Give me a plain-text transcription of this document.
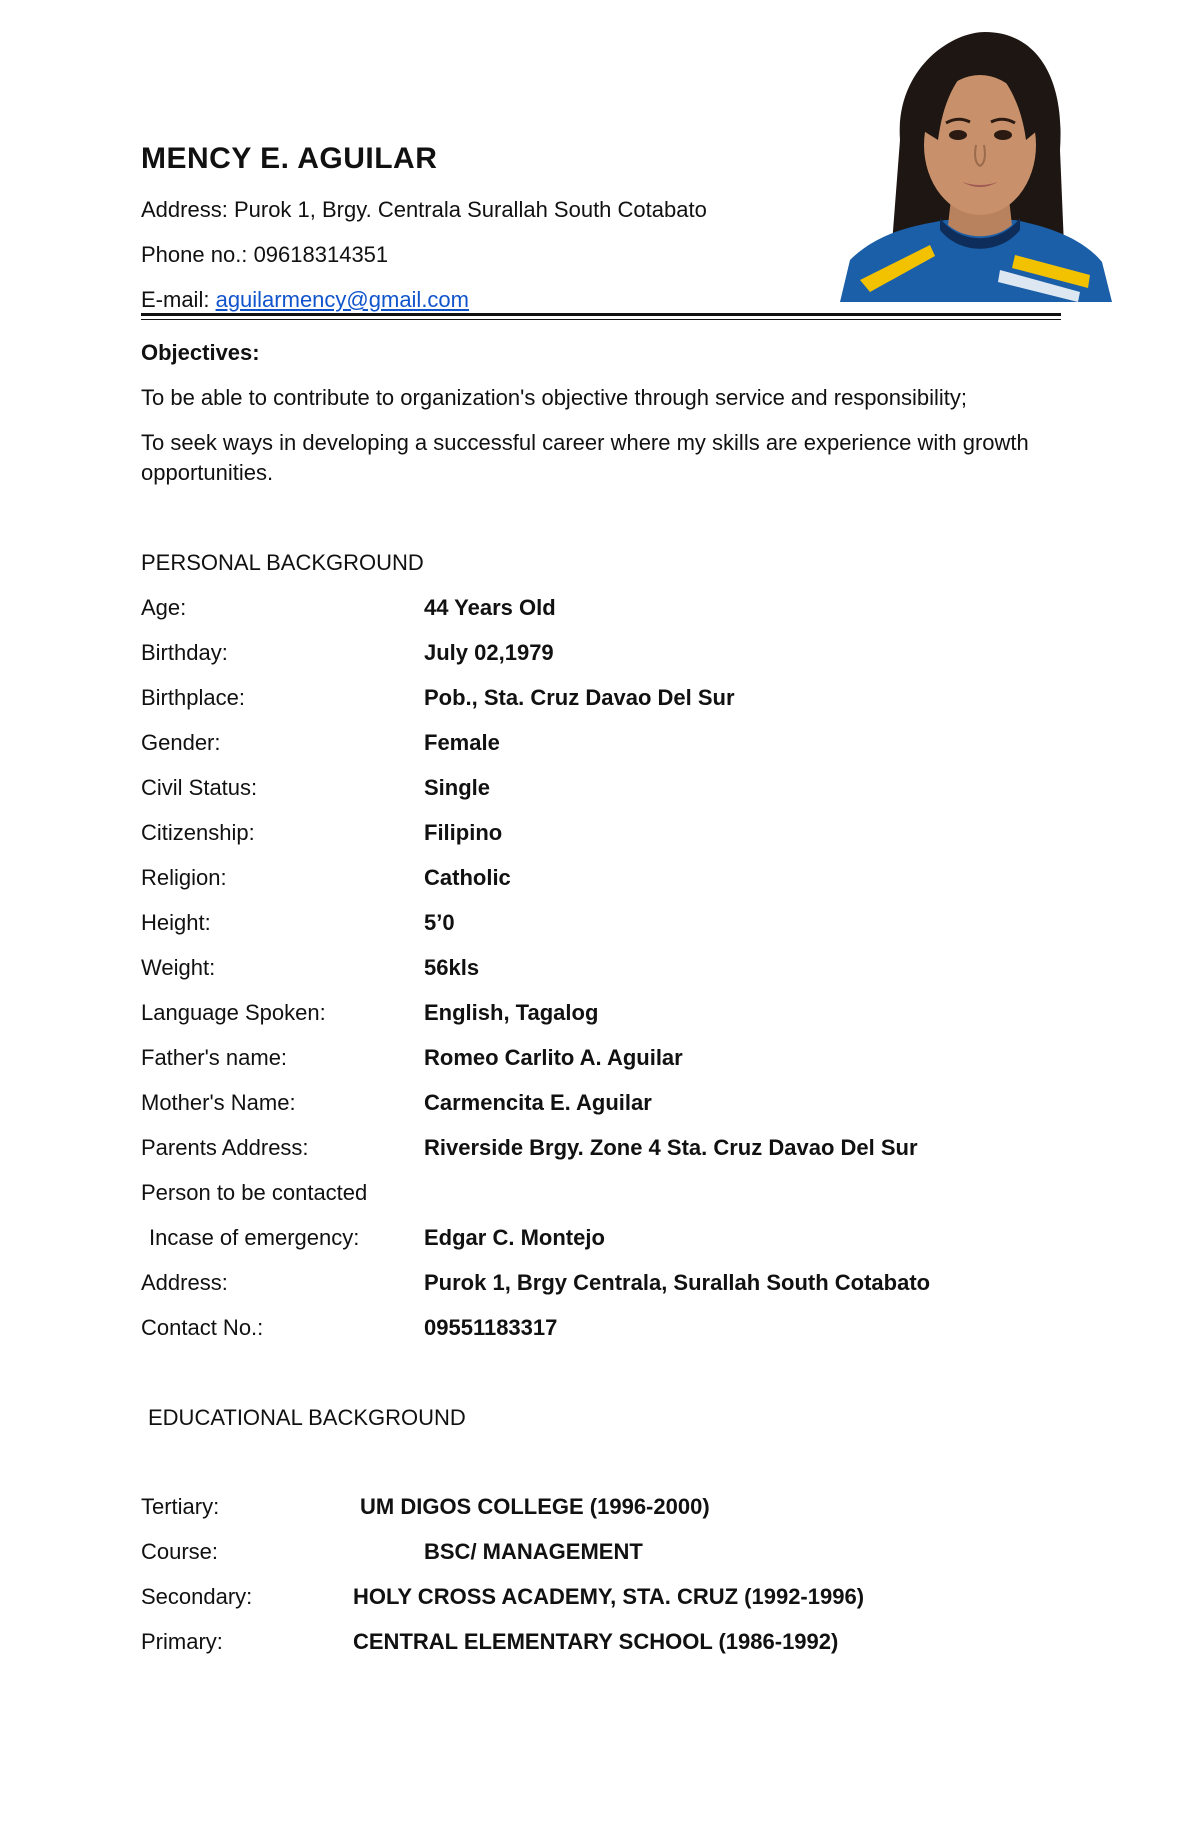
MENCY E. AGUILAR
Address: Purok 1, Brgy. Centrala Surallah South Cotabato
Phone no.: 09618314351
E-mail: aguilarmency@gmail.com
Objectives:
To be able to contribute to organization's objective through service and responsibility;
To seek ways in developing a successful career where my skills are experience with growth opportunities.
PERSONAL BACKGROUND
Age:	44 Years Old
Birthday:	July 02,1979
Birthplace:	Pob., Sta. Cruz Davao Del Sur
Gender:	Female
Civil Status:	Single
Citizenship:	Filipino
Religion:	Catholic
Height:	5’0
Weight:	56kls
Language Spoken:	English, Tagalog
Father's name:	Romeo Carlito A. Aguilar
Mother's Name:	Carmencita E. Aguilar
Parents Address:	Riverside Brgy. Zone 4 Sta. Cruz Davao Del Sur
Person to be contacted
Incase of emergency:	Edgar C. Montejo
Address:	Purok 1, Brgy Centrala, Surallah South Cotabato
Contact No.:	09551183317
EDUCATIONAL BACKGROUND
Tertiary:	UM DIGOS COLLEGE (1996-2000)
Course:	BSC/ MANAGEMENT
Secondary:	HOLY CROSS ACADEMY, STA. CRUZ (1992-1996)
Primary:	CENTRAL ELEMENTARY SCHOOL (1986-1992)
